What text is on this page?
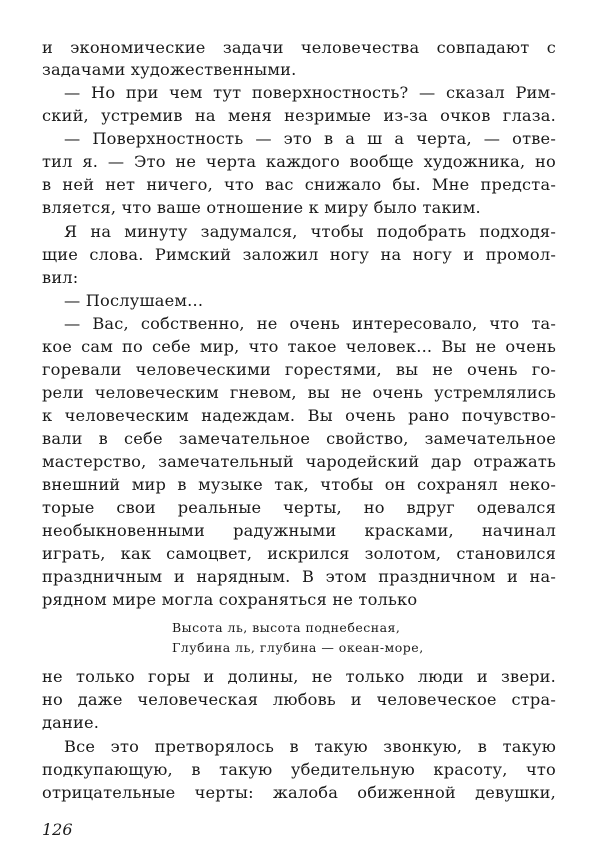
и экономические задачи человечества совпадают с
задачами художественными.
— Но при чем тут поверхностность? — сказал Рим-
ский, устремив на меня незримые из-за очков глаза.
— Поверхностность — это в а ш а черта, — отве-
тил я. — Это не черта каждого вообще художника, но
в ней нет ничего, что вас снижало бы. Мне предста-
вляется, что ваше отношение к миру было таким.
Я на минуту задумался, чтобы подобрать подходя-
щие слова. Римский заложил ногу на ногу и промол-
вил:
— Послушаем...
— Вас, собственно, не очень интересовало, что та-
кое сам по себе мир, что такое человек... Вы не очень
горевали человеческими горестями, вы не очень го-
рели человеческим гневом, вы не очень устремлялись
к человеческим надеждам. Вы очень рано почувство-
вали в себе замечательное свойство, замечательное
мастерство, замечательный чародейский дар отражать
внешний мир в музыке так, чтобы он сохранял неко-
торые свои реальные черты, но вдруг одевался
необыкновенными радужными красками, начинал
играть, как самоцвет, искрился золотом, становился
праздничным и нарядным. В этом праздничном и на-
рядном мире могла сохраняться не только
Высота ль, высота поднебесная,
Глубина ль, глубина — океан-море,
не только горы и долины, не только люди и звери.
но даже человеческая любовь и человеческое стра-
дание.
Все это претворялось в такую звонкую, в такую
подкупающую, в такую убедительную красоту, что
отрицательные черты: жалоба обиженной девушки,
126
